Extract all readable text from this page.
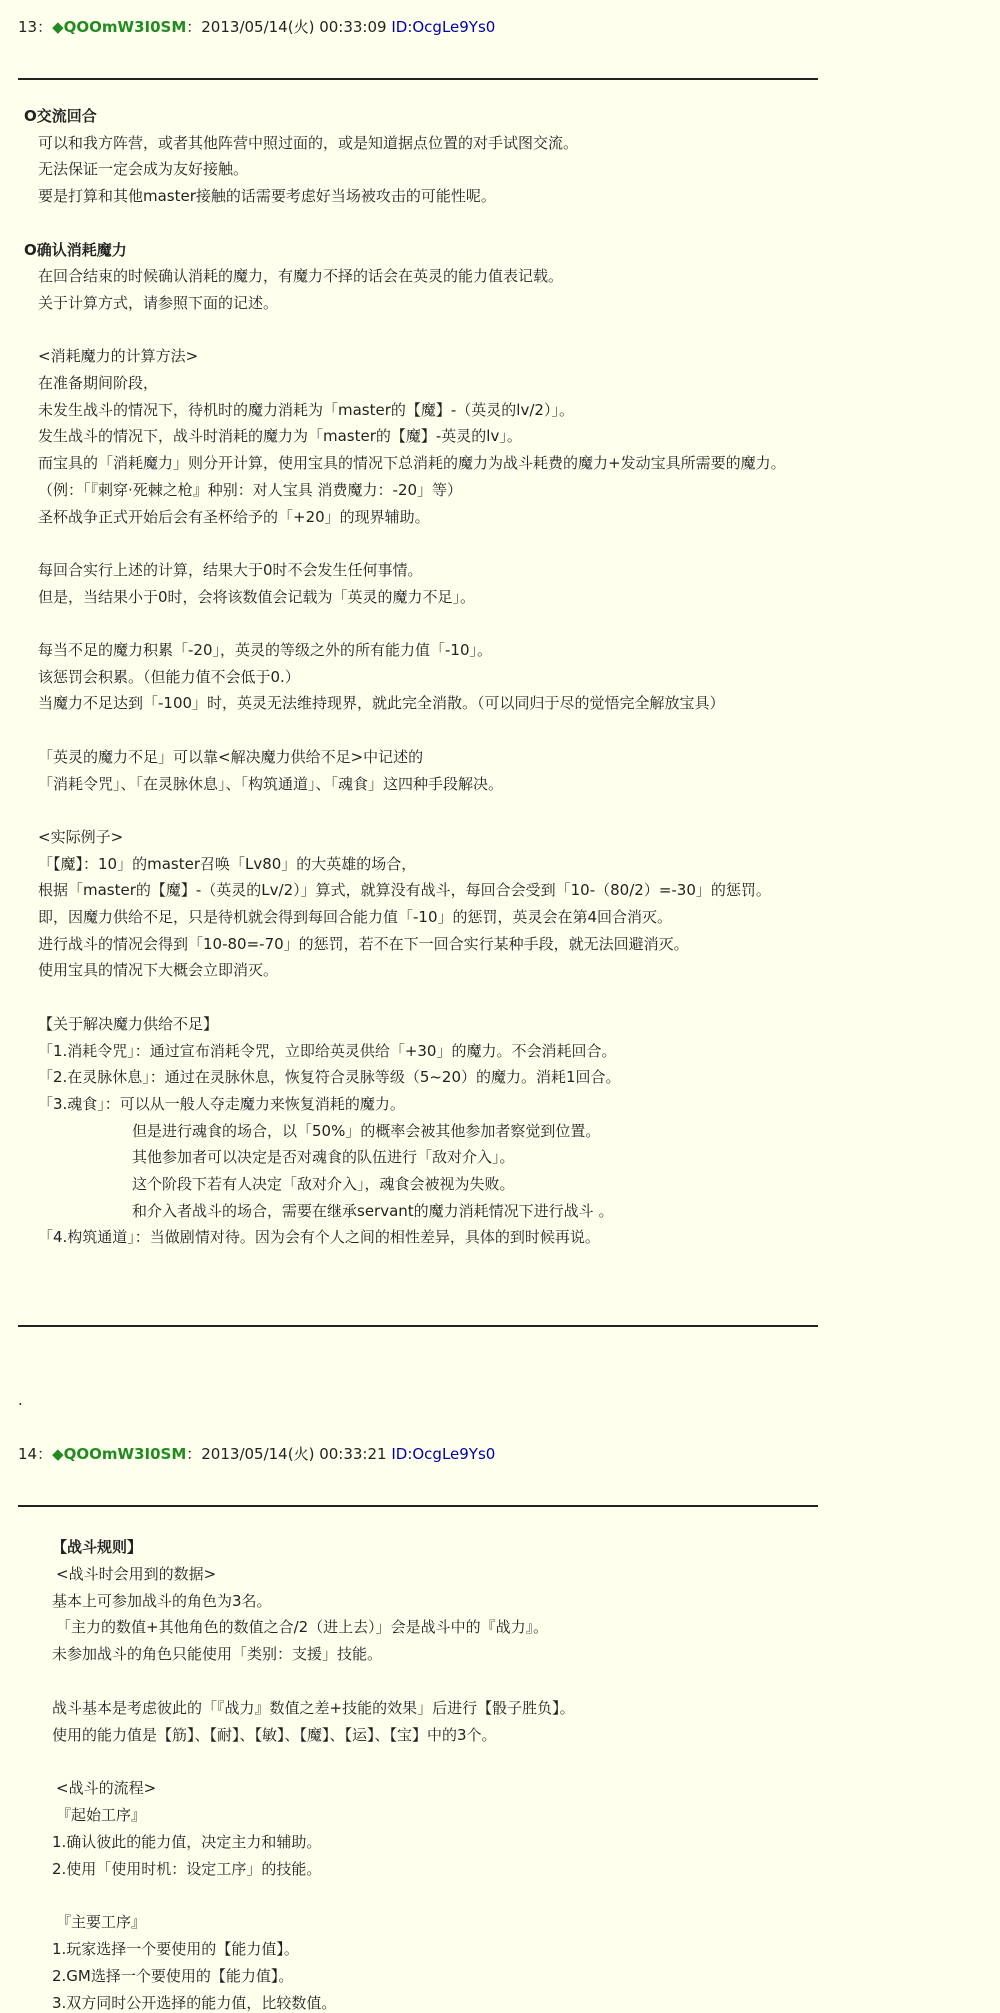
13：◆QOOmW3I0SM：2013/05/14(火) 00:33:09 ID:OcgLe9Ys0
O交流回合
可以和我方阵营，或者其他阵营中照过面的，或是知道据点位置的对手试图交流。
无法保证一定会成为友好接触。
要是打算和其他master接触的话需要考虑好当场被攻击的可能性呢。
O确认消耗魔力
在回合结束的时候确认消耗的魔力，有魔力不择的话会在英灵的能力值表记载。
关于计算方式，请参照下面的记述。
<消耗魔力的计算方法>
在准备期间阶段，
未发生战斗的情况下，待机时的魔力消耗为「master的【魔】-（英灵的lv/2）」。
发生战斗的情况下，战斗时消耗的魔力为「master的【魔】-英灵的lv」。
而宝具的「消耗魔力」则分开计算，使用宝具的情况下总消耗的魔力为战斗耗费的魔力+发动宝具所需要的魔力。
（例：「『刺穿·死棘之枪』种别：对人宝具 消费魔力：-20」等）
圣杯战争正式开始后会有圣杯给予的「+20」的现界辅助。
每回合实行上述的计算，结果大于0时不会发生任何事情。
但是，当结果小于0时，会将该数值会记载为「英灵的魔力不足」。
每当不足的魔力积累「-20」，英灵的等级之外的所有能力值「-10」。
该惩罚会积累。（但能力值不会低于0.）
当魔力不足达到「-100」时，英灵无法维持现界，就此完全消散。（可以同归于尽的觉悟完全解放宝具）
「英灵的魔力不足」可以靠<解决魔力供给不足>中记述的
「消耗令咒」、「在灵脉休息」、「构筑通道」、「魂食」这四种手段解决。
<实际例子>
「【魔】：10」的master召唤「Lv80」的大英雄的场合，
根据「master的【魔】-（英灵的Lv/2）」算式，就算没有战斗，每回合会受到「10-（80/2）=-30」的惩罚。
即，因魔力供给不足，只是待机就会得到每回合能力值「-10」的惩罚，英灵会在第4回合消灭。
进行战斗的情况会得到「10-80=-70」的惩罚，若不在下一回合实行某种手段，就无法回避消灭。
使用宝具的情况下大概会立即消灭。
【关于解决魔力供给不足】
「1.消耗令咒」：通过宣布消耗令咒，立即给英灵供给「+30」的魔力。不会消耗回合。
「2.在灵脉休息」：通过在灵脉休息，恢复符合灵脉等级（5~20）的魔力。消耗1回合。
「3.魂食」：可以从一般人夺走魔力来恢复消耗的魔力。
但是进行魂食的场合，以「50%」的概率会被其他参加者察觉到位置。
其他参加者可以决定是否对魂食的队伍进行「敌对介入」。
这个阶段下若有人决定「敌对介入」，魂食会被视为失败。
和介入者战斗的场合，需要在继承servant的魔力消耗情况下进行战斗 。
「4.构筑通道」：当做剧情对待。因为会有个人之间的相性差异，具体的到时候再说。
.
14：◆QOOmW3I0SM：2013/05/14(火) 00:33:21 ID:OcgLe9Ys0
【战斗规则】
<战斗时会用到的数据>
基本上可参加战斗的角色为3名。
「主力的数值+其他角色的数值之合/2（进上去）」会是战斗中的『战力』。
未参加战斗的角色只能使用「类别：支援」技能。
战斗基本是考虑彼此的「『战力』数值之差+技能的效果」后进行【骰子胜负】。
使用的能力值是【筋】、【耐】、【敏】、【魔】、【运】、【宝】中的3个。
<战斗的流程>
『起始工序』
1.确认彼此的能力值，决定主力和辅助。
2.使用「使用时机：设定工序」的技能。
『主要工序』
1.玩家选择一个要使用的【能力值】。
2.GM选择一个要使用的【能力值】。
3.双方同时公开选择的能力值，比较数值。
